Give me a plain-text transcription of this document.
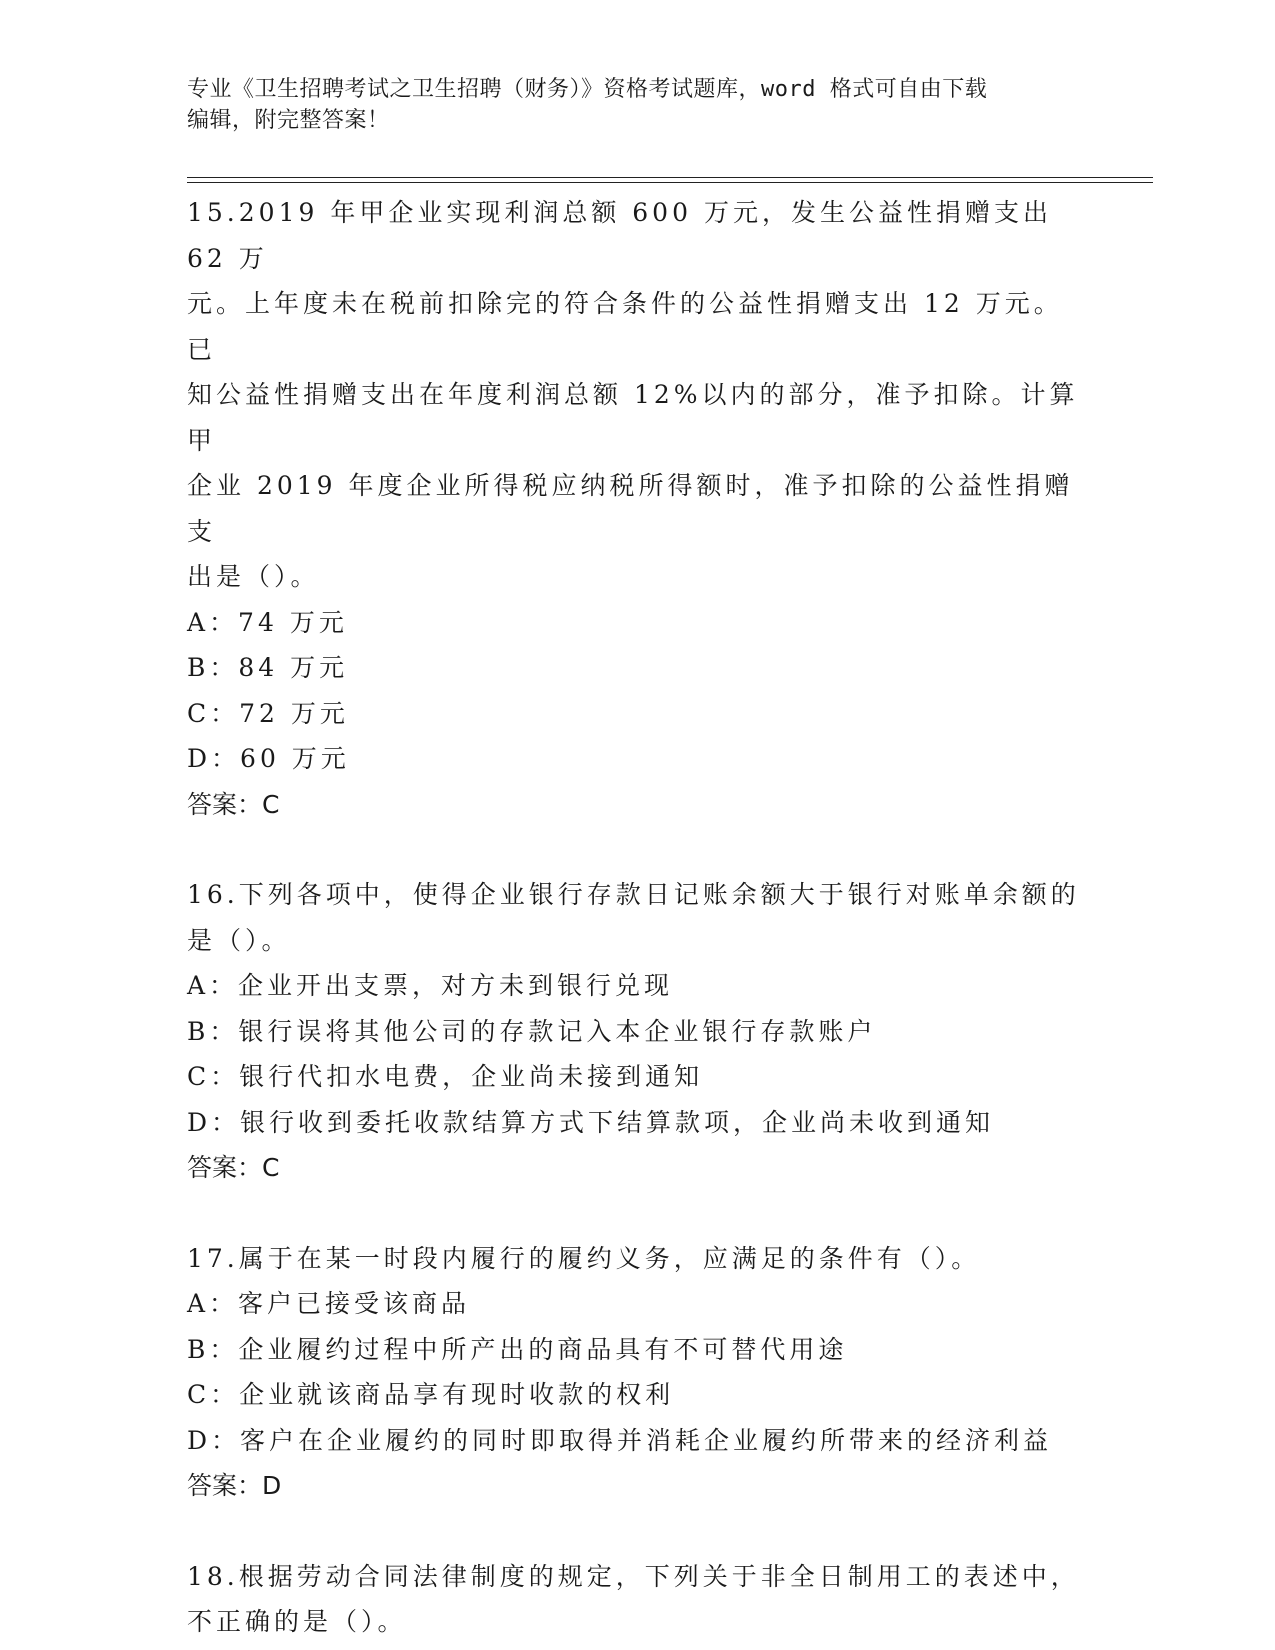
专业《卫生招聘考试之卫生招聘（财务）》资格考试题库，word 格式可自由下载
编辑，附完整答案！
15.2019 年甲企业实现利润总额 600 万元，发生公益性捐赠支出 62 万
元。上年度未在税前扣除完的符合条件的公益性捐赠支出 12 万元。已
知公益性捐赠支出在年度利润总额 12%以内的部分，准予扣除。计算甲
企业 2019 年度企业所得税应纳税所得额时，准予扣除的公益性捐赠支
出是（）。
A：74 万元
B：84 万元
C：72 万元
D：60 万元
答案：C
16.下列各项中，使得企业银行存款日记账余额大于银行对账单余额的
是（）。
A：企业开出支票，对方未到银行兑现
B：银行误将其他公司的存款记入本企业银行存款账户
C：银行代扣水电费，企业尚未接到通知
D：银行收到委托收款结算方式下结算款项，企业尚未收到通知
答案：C
17.属于在某一时段内履行的履约义务，应满足的条件有（）。
A：客户已接受该商品
B：企业履约过程中所产出的商品具有不可替代用途
C：企业就该商品享有现时收款的权利
D：客户在企业履约的同时即取得并消耗企业履约所带来的经济利益
答案：D
18.根据劳动合同法律制度的规定，下列关于非全日制用工的表述中，
不正确的是（）。
